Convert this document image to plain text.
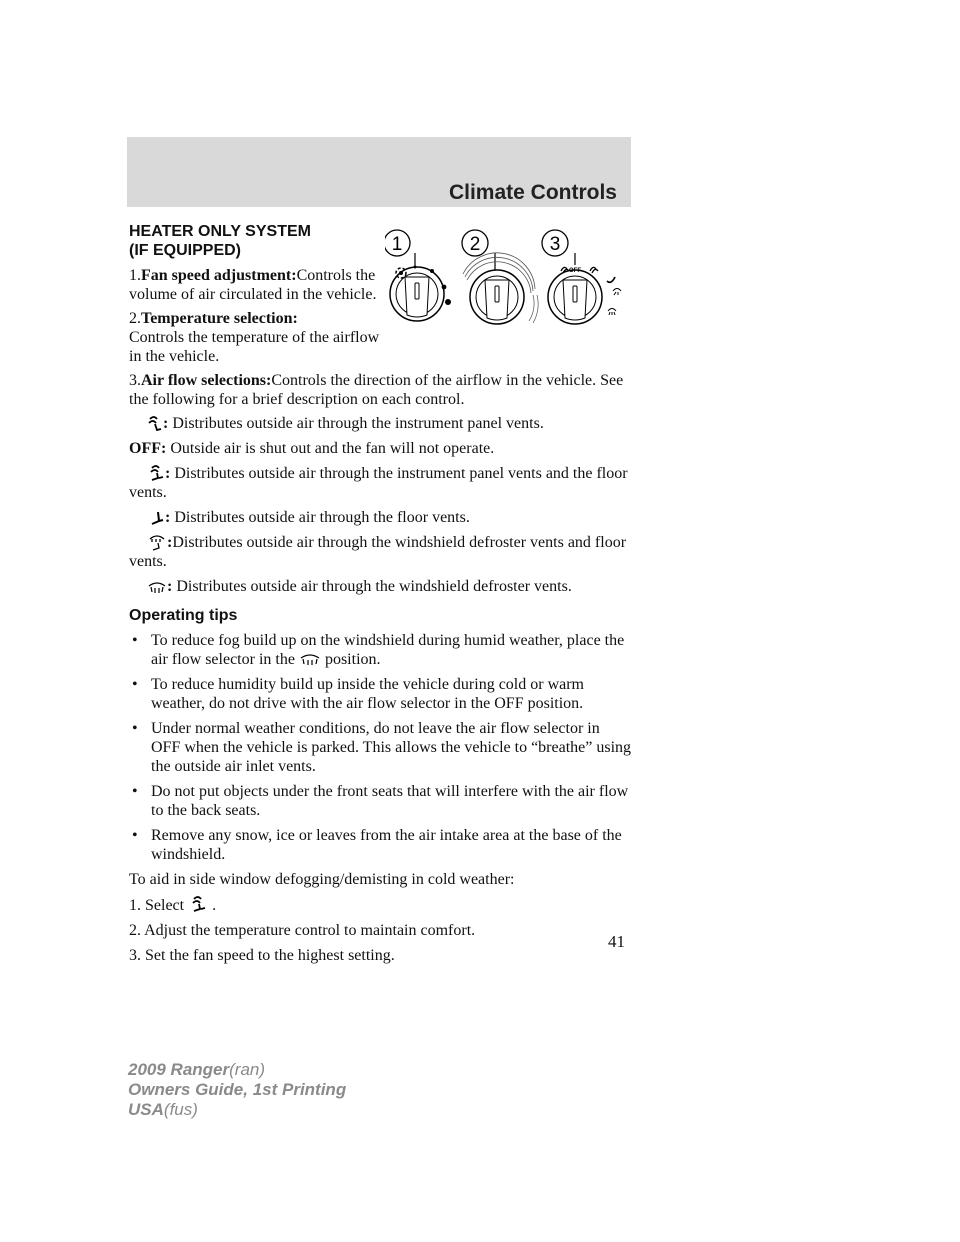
Climate Controls
1	2	3
OFF
HEATER ONLY SYSTEM
(IF EQUIPPED)

1.Fan speed adjustment:Controls the volume of air circulated in the vehicle.

2.Temperature selection:
Controls the temperature of the airflow in the vehicle.

3.Air flow selections:Controls the direction of the airflow in the vehicle. See the following for a brief description on each control.

: Distributes outside air through the instrument panel vents.

OFF: Outside air is shut out and the fan will not operate.

: Distributes outside air through the instrument panel vents and the floor vents.

: Distributes outside air through the floor vents.

:Distributes outside air through the windshield defroster vents and floor vents.

: Distributes outside air through the windshield defroster vents.

Operating tips
• To reduce fog build up on the windshield during humid weather, place the air flow selector in the position.
• To reduce humidity build up inside the vehicle during cold or warm weather, do not drive with the air flow selector in the OFF position.
• Under normal weather conditions, do not leave the air flow selector in OFF when the vehicle is parked. This allows the vehicle to “breathe” using the outside air inlet vents.
• Do not put objects under the front seats that will interfere with the air flow to the back seats.
• Remove any snow, ice or leaves from the air intake area at the base of the windshield.

To aid in side window defogging/demisting in cold weather:

1. Select .

2. Adjust the temperature control to maintain comfort.

3. Set the fan speed to the highest setting.

41
2009 Ranger(ran)
Owners Guide, 1st Printing
USA(fus)
